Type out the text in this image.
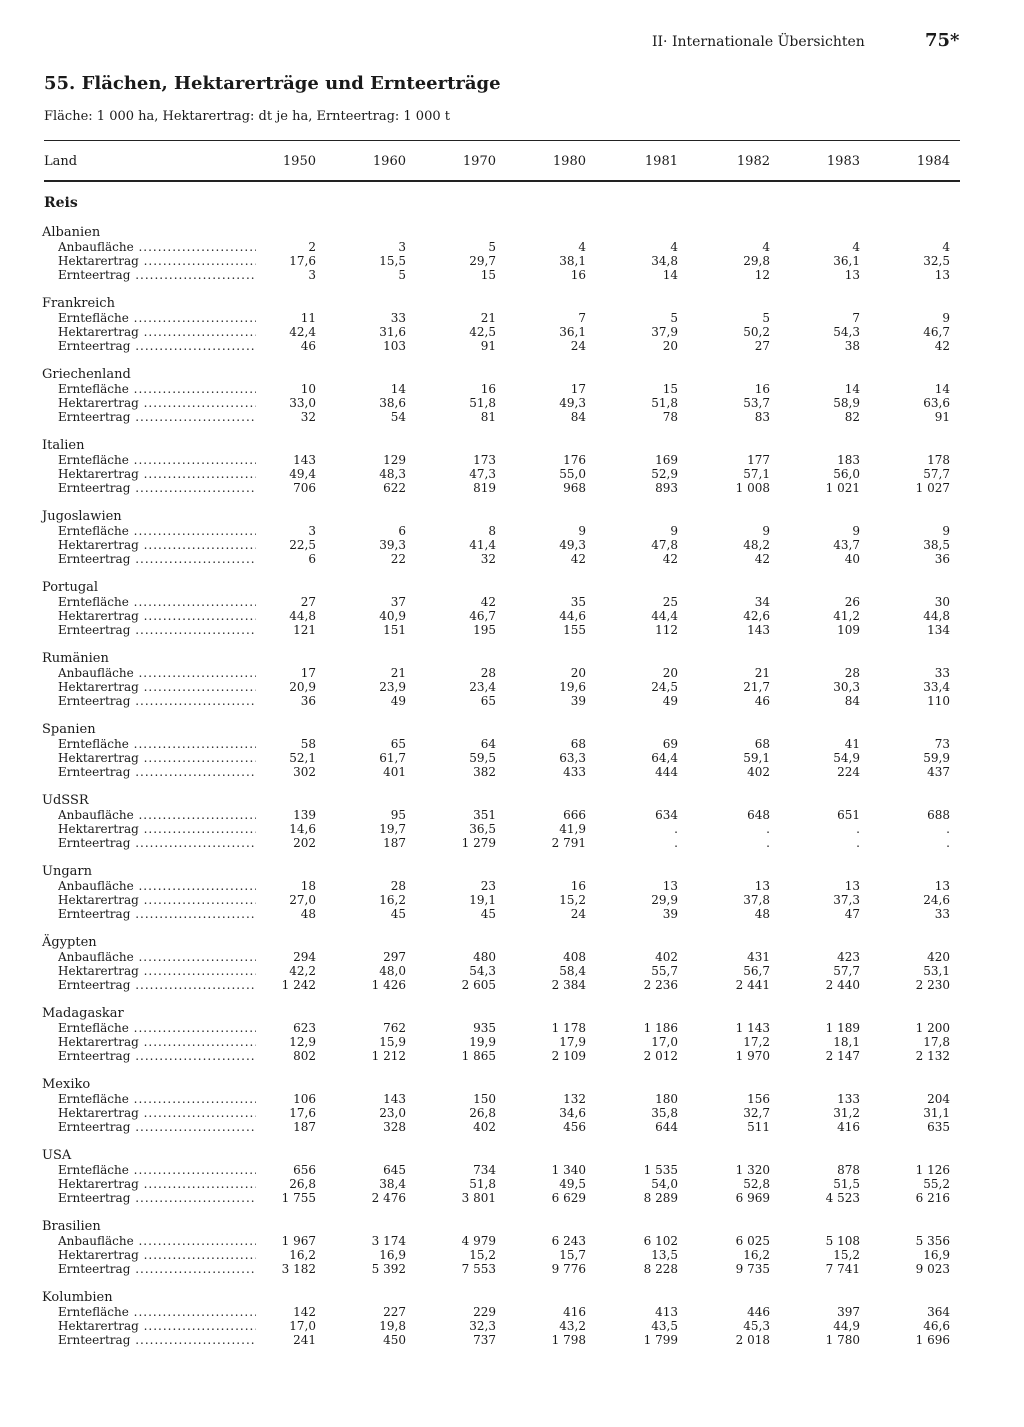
II· Internationale Übersichten	75*
55. Flächen, Hektarerträge und Ernteerträge
Fläche: 1 000 ha, Hektarertrag: dt je ha, Ernteertrag: 1 000 t
Land	1950	1960	1970	1980	1981	1982	1983	1984
Reis
Albanien
Anbaufläche .....	2	3	5	4	4	4	4	4
Hektarertrag .....	17,6	15,5	29,7	38,1	34,8	29,8	36,1	32,5
Ernteertrag .....	3	5	15	16	14	12	13	13
Frankreich
Erntefläche .....	11	33	21	7	5	5	7	9
Hektarertrag .....	42,4	31,6	42,5	36,1	37,9	50,2	54,3	46,7
Ernteertrag .....	46	103	91	24	20	27	38	42
Griechenland
Erntefläche .....	10	14	16	17	15	16	14	14
Hektarertrag .....	33,0	38,6	51,8	49,3	51,8	53,7	58,9	63,6
Ernteertrag .....	32	54	81	84	78	83	82	91
Italien
Erntefläche .....	143	129	173	176	169	177	183	178
Hektarertrag .....	49,4	48,3	47,3	55,0	52,9	57,1	56,0	57,7
Ernteertrag .....	706	622	819	968	893	1 008	1 021	1 027
Jugoslawien
Erntefläche .....	3	6	8	9	9	9	9	9
Hektarertrag .....	22,5	39,3	41,4	49,3	47,8	48,2	43,7	38,5
Ernteertrag .....	6	22	32	42	42	42	40	36
Portugal
Erntefläche .....	27	37	42	35	25	34	26	30
Hektarertrag .....	44,8	40,9	46,7	44,6	44,4	42,6	41,2	44,8
Ernteertrag .....	121	151	195	155	112	143	109	134
Rumänien
Anbaufläche .....	17	21	28	20	20	21	28	33
Hektarertrag .....	20,9	23,9	23,4	19,6	24,5	21,7	30,3	33,4
Ernteertrag .....	36	49	65	39	49	46	84	110
Spanien
Erntefläche .....	58	65	64	68	69	68	41	73
Hektarertrag .....	52,1	61,7	59,5	63,3	64,4	59,1	54,9	59,9
Ernteertrag .....	302	401	382	433	444	402	224	437
UdSSR
Anbaufläche .....	139	95	351	666	634	648	651	688
Hektarertrag .....	14,6	19,7	36,5	41,9	.	.	.	.
Ernteertrag .....	202	187	1 279	2 791	.	.	.	.
Ungarn
Anbaufläche .....	18	28	23	16	13	13	13	13
Hektarertrag .....	27,0	16,2	19,1	15,2	29,9	37,8	37,3	24,6
Ernteertrag .....	48	45	45	24	39	48	47	33
Ägypten
Anbaufläche .....	294	297	480	408	402	431	423	420
Hektarertrag .....	42,2	48,0	54,3	58,4	55,7	56,7	57,7	53,1
Ernteertrag .....	1 242	1 426	2 605	2 384	2 236	2 441	2 440	2 230
Madagaskar
Erntefläche .....	623	762	935	1 178	1 186	1 143	1 189	1 200
Hektarertrag .....	12,9	15,9	19,9	17,9	17,0	17,2	18,1	17,8
Ernteertrag .....	802	1 212	1 865	2 109	2 012	1 970	2 147	2 132
Mexiko
Erntefläche .....	106	143	150	132	180	156	133	204
Hektarertrag .....	17,6	23,0	26,8	34,6	35,8	32,7	31,2	31,1
Ernteertrag .....	187	328	402	456	644	511	416	635
USA
Erntefläche .....	656	645	734	1 340	1 535	1 320	878	1 126
Hektarertrag .....	26,8	38,4	51,8	49,5	54,0	52,8	51,5	55,2
Ernteertrag .....	1 755	2 476	3 801	6 629	8 289	6 969	4 523	6 216
Brasilien
Anbaufläche .....	1 967	3 174	4 979	6 243	6 102	6 025	5 108	5 356
Hektarertrag .....	16,2	16,9	15,2	15,7	13,5	16,2	15,2	16,9
Ernteertrag .....	3 182	5 392	7 553	9 776	8 228	9 735	7 741	9 023
Kolumbien
Erntefläche .....	142	227	229	416	413	446	397	364
Hektarertrag .....	17,0	19,8	32,3	43,2	43,5	45,3	44,9	46,6
Ernteertrag .....	241	450	737	1 798	1 799	2 018	1 780	1 696
